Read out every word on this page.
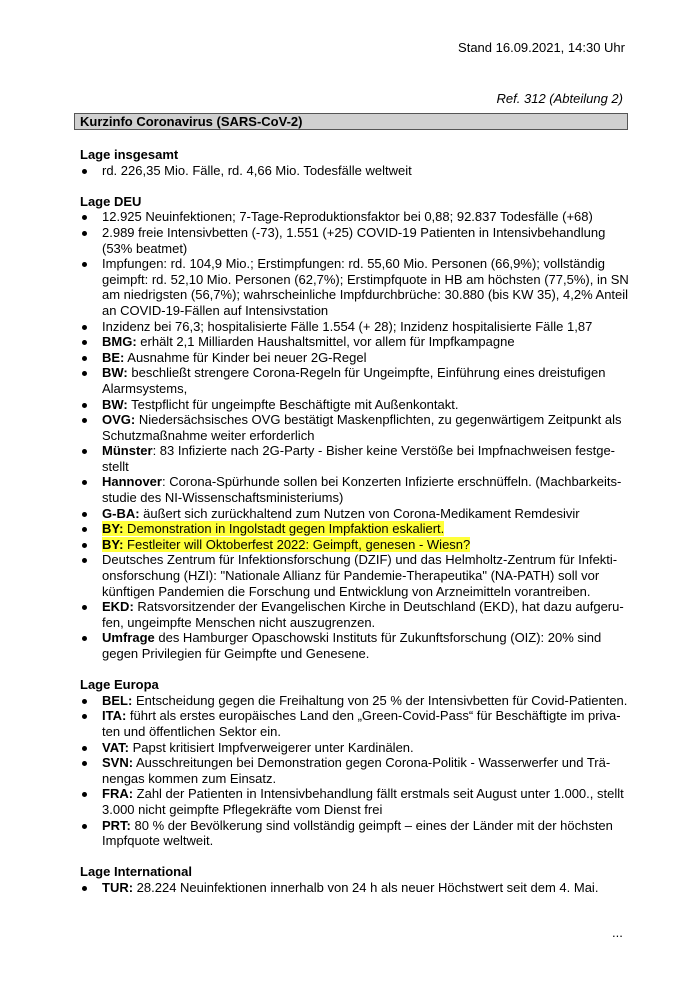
Stand 16.09.2021, 14:30 Uhr
Ref. 312 (Abteilung 2)
Kurzinfo Coronavirus (SARS-CoV-2)

Lage insgesamt

rd. 226,35 Mio. Fälle, rd. 4,66 Mio. Todesfälle weltweit

Lage DEU

12.925 Neuinfektionen; 7-Tage-Reproduktionsfaktor bei 0,88; 92.837 Todesfälle (+68)
2.989 freie Intensivbetten (-73), 1.551 (+25) COVID-19 Patienten in Intensivbehandlung (53% beatmet)
Impfungen: rd. 104,9 Mio.; Erstimpfungen: rd. 55,60 Mio. Personen (66,9%); vollständig geimpft: rd. 52,10 Mio. Personen (62,7%); Erstimpfquote in HB am höchsten (77,5%), in SN am niedrigsten (56,7%); wahrscheinliche Impfdurchbrüche: 30.880 (bis KW 35), 4,2% Anteil an COVID-19-Fällen auf Intensivstation
Inzidenz bei 76,3; hospitalisierte Fälle 1.554 (+ 28); Inzidenz hospitalisierte Fälle 1,87
BMG: erhält 2,1 Milliarden Haushaltsmittel, vor allem für Impfkampagne
BE: Ausnahme für Kinder bei neuer 2G-Regel
BW: beschließt strengere Corona-Regeln für Ungeimpfte, Einführung eines dreistufigen Alarmsystems,
BW: Testpflicht für ungeimpfte Beschäftigte mit Außenkontakt.
OVG: Niedersächsisches OVG bestätigt Maskenpflichten, zu gegenwärtigem Zeitpunkt als Schutzmaßnahme weiter erforderlich
Münster: 83 Infizierte nach 2G-Party - Bisher keine Verstöße bei Impfnachweisen festge-stellt
Hannover: Corona-Spürhunde sollen bei Konzerten Infizierte erschnüffeln. (Machbarkeits-studie des NI-Wissenschaftsministeriums)
G-BA: äußert sich zurückhaltend zum Nutzen von Corona-Medikament Remdesivir
BY: Demonstration in Ingolstadt gegen Impfaktion eskaliert.
BY: Festleiter will Oktoberfest 2022: Geimpft, genesen - Wiesn?
Deutsches Zentrum für Infektionsforschung (DZIF) und das Helmholtz-Zentrum für Infekti-onsforschung (HZI): "Nationale Allianz für Pandemie-Therapeutika" (NA-PATH) soll vor künftigen Pandemien die Forschung und Entwicklung von Arzneimitteln vorantreiben.
EKD: Ratsvorsitzender der Evangelischen Kirche in Deutschland (EKD), hat dazu aufgeru-fen, ungeimpfte Menschen nicht auszugrenzen.
Umfrage des Hamburger Opaschowski Instituts für Zukunftsforschung (OIZ): 20% sind gegen Privilegien für Geimpfte und Genesene.

Lage Europa

BEL: Entscheidung gegen die Freihaltung von 25 % der Intensivbetten für Covid-Patienten.
ITA: führt als erstes europäisches Land den „Green-Covid-Pass“ für Beschäftigte im priva-ten und öffentlichen Sektor ein.
VAT: Papst kritisiert Impfverweigerer unter Kardinälen.
SVN: Ausschreitungen bei Demonstration gegen Corona-Politik - Wasserwerfer und Trä-nengas kommen zum Einsatz.
FRA: Zahl der Patienten in Intensivbehandlung fällt erstmals seit August unter 1.000., stellt 3.000 nicht geimpfte Pflegekräfte vom Dienst frei
PRT: 80 % der Bevölkerung sind vollständig geimpft – eines der Länder mit der höchsten Impfquote weltweit.

Lage International

TUR: 28.224 Neuinfektionen innerhalb von 24 h als neuer Höchstwert seit dem 4. Mai.
...
